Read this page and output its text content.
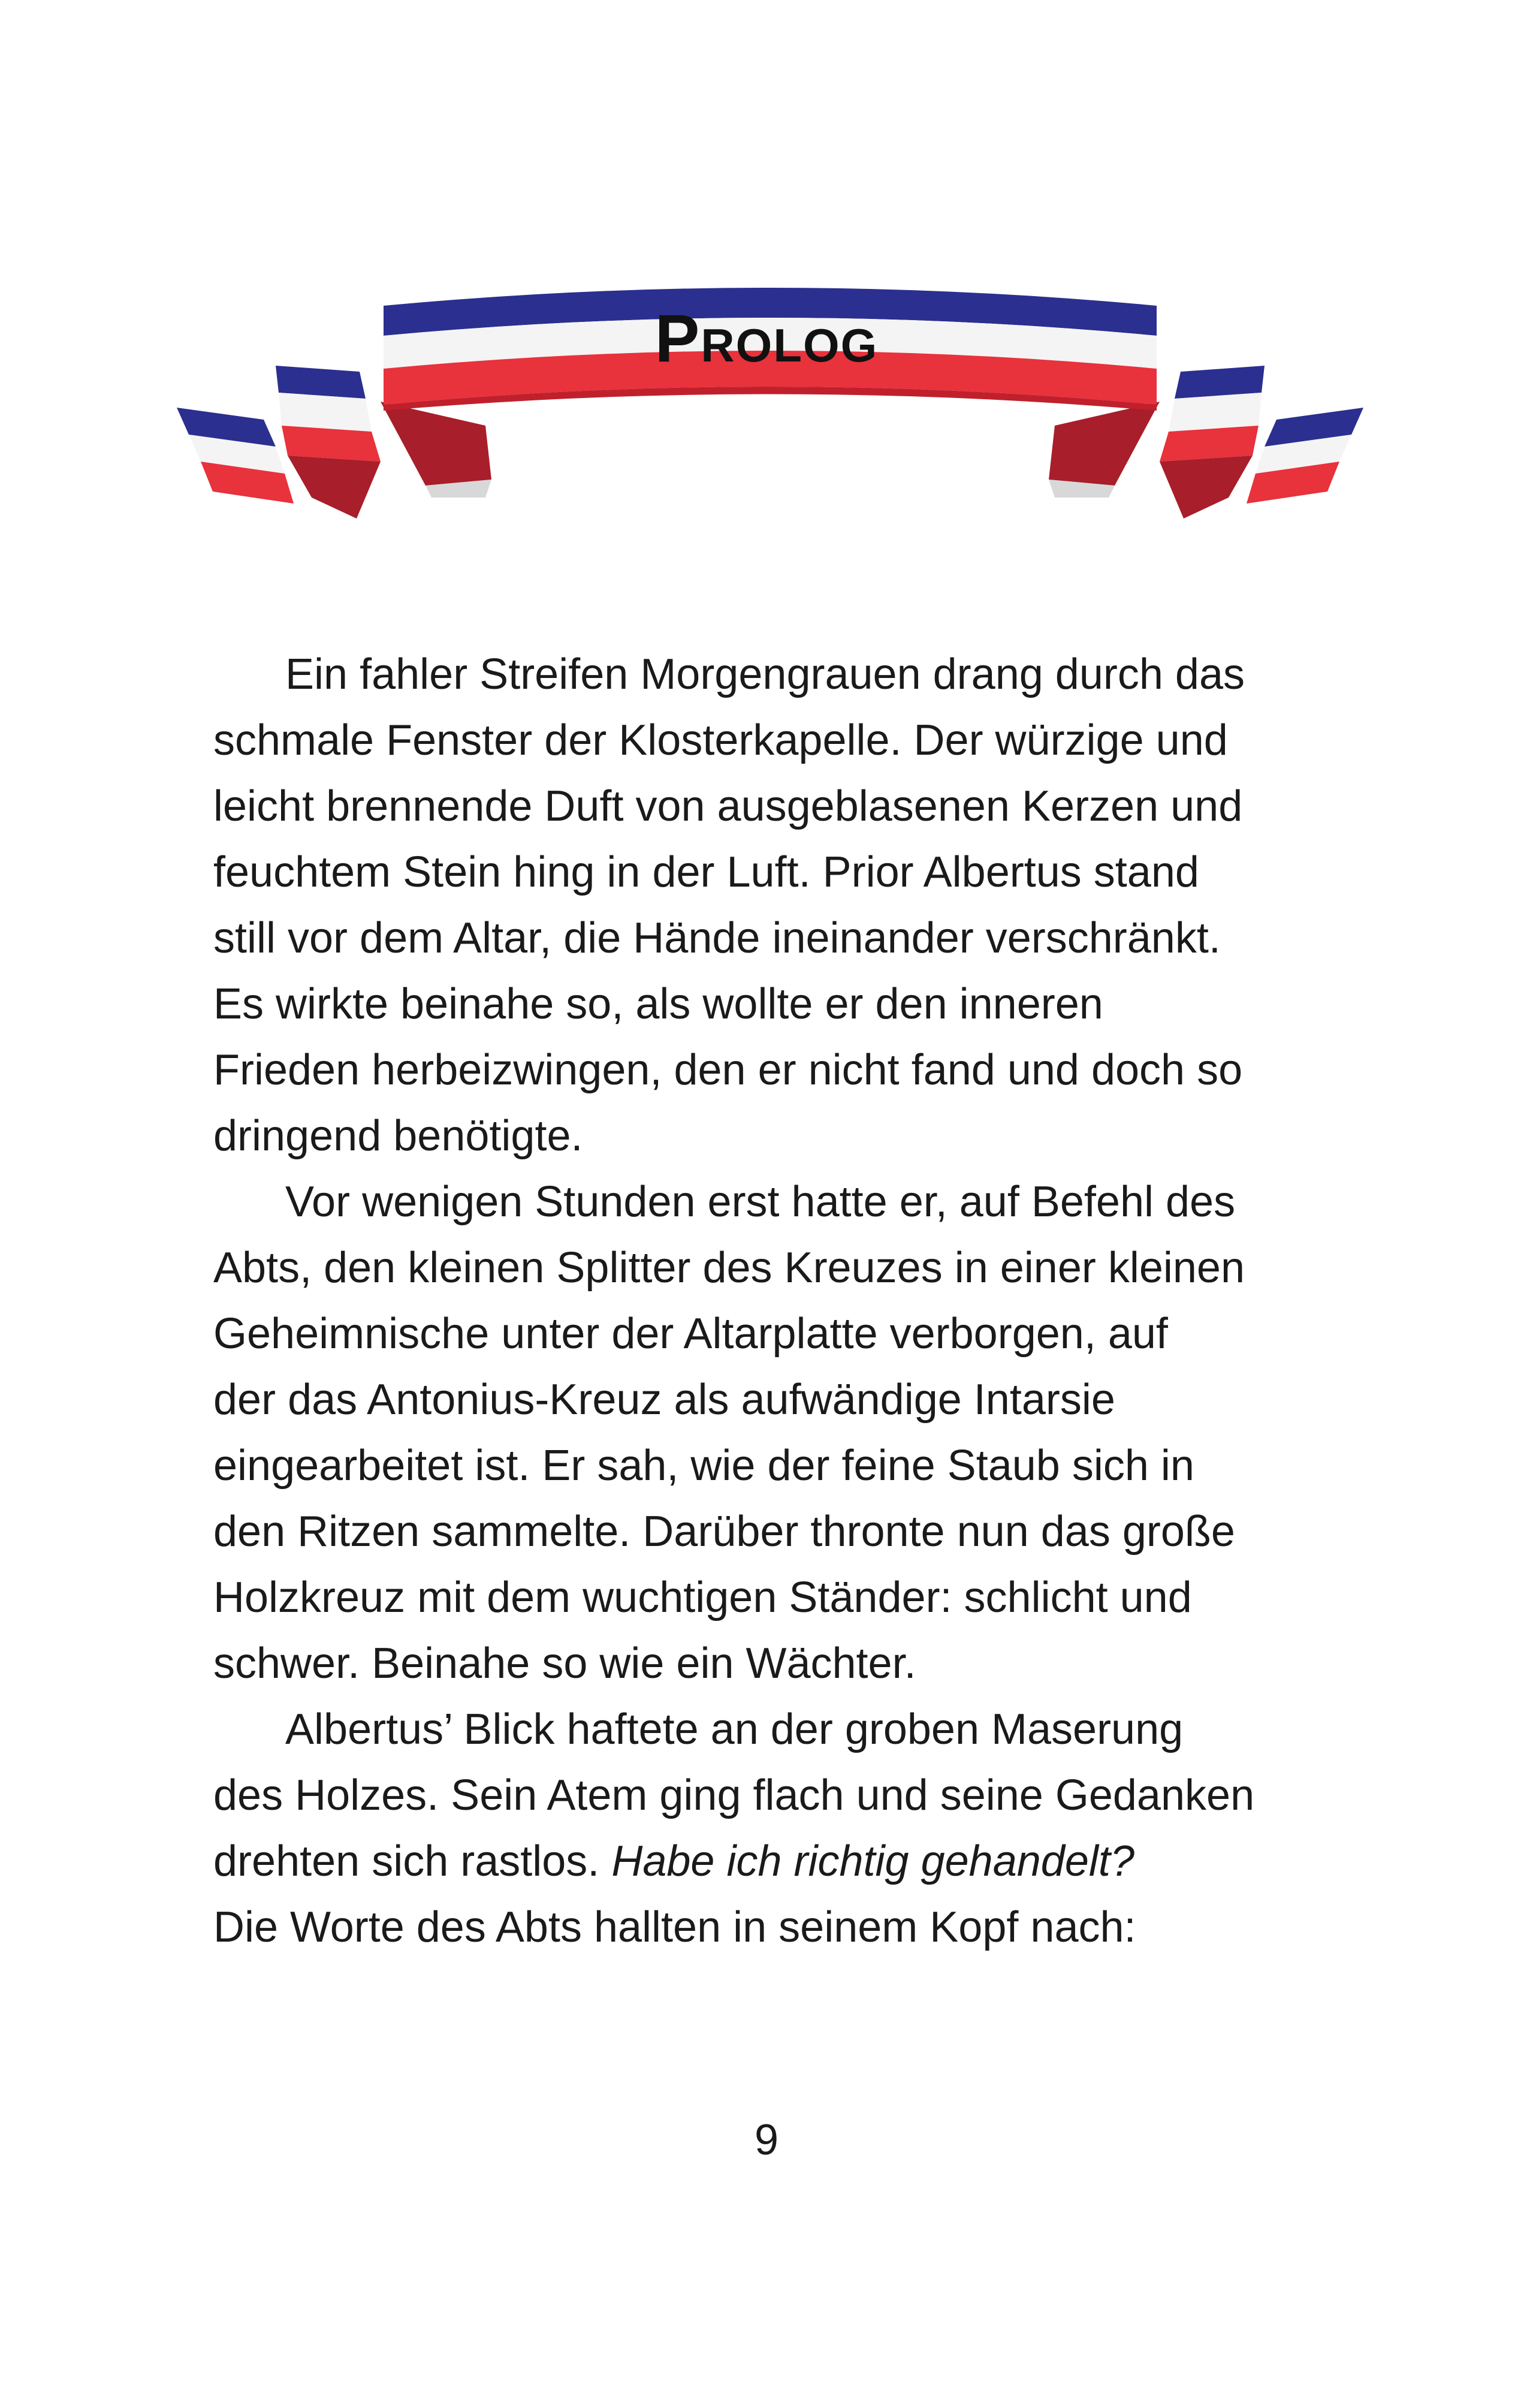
Prolog

Ein fahler Streifen Morgengrauen drang durch das
schmale Fenster der Klosterkapelle. Der würzige und
leicht brennende Duft von ausgeblasenen Kerzen und
feuchtem Stein hing in der Luft. Prior Albertus stand
still vor dem Altar, die Hände ineinander verschränkt.
Es wirkte beinahe so, als wollte er den inneren
Frieden herbeizwingen, den er nicht fand und doch so
dringend benötigte.

Vor wenigen Stunden erst hatte er, auf Befehl des
Abts, den kleinen Splitter des Kreuzes in einer kleinen
Geheimnische unter der Altarplatte verborgen, auf
der das Antonius-Kreuz als aufwändige Intarsie
eingearbeitet ist. Er sah, wie der feine Staub sich in
den Ritzen sammelte. Darüber thronte nun das große
Holzkreuz mit dem wuchtigen Ständer: schlicht und
schwer. Beinahe so wie ein Wächter.

Albertus’ Blick haftete an der groben Maserung
des Holzes. Sein Atem ging flach und seine Gedanken
drehten sich rastlos. Habe ich richtig gehandelt?
Die Worte des Abts hallten in seinem Kopf nach:

9
